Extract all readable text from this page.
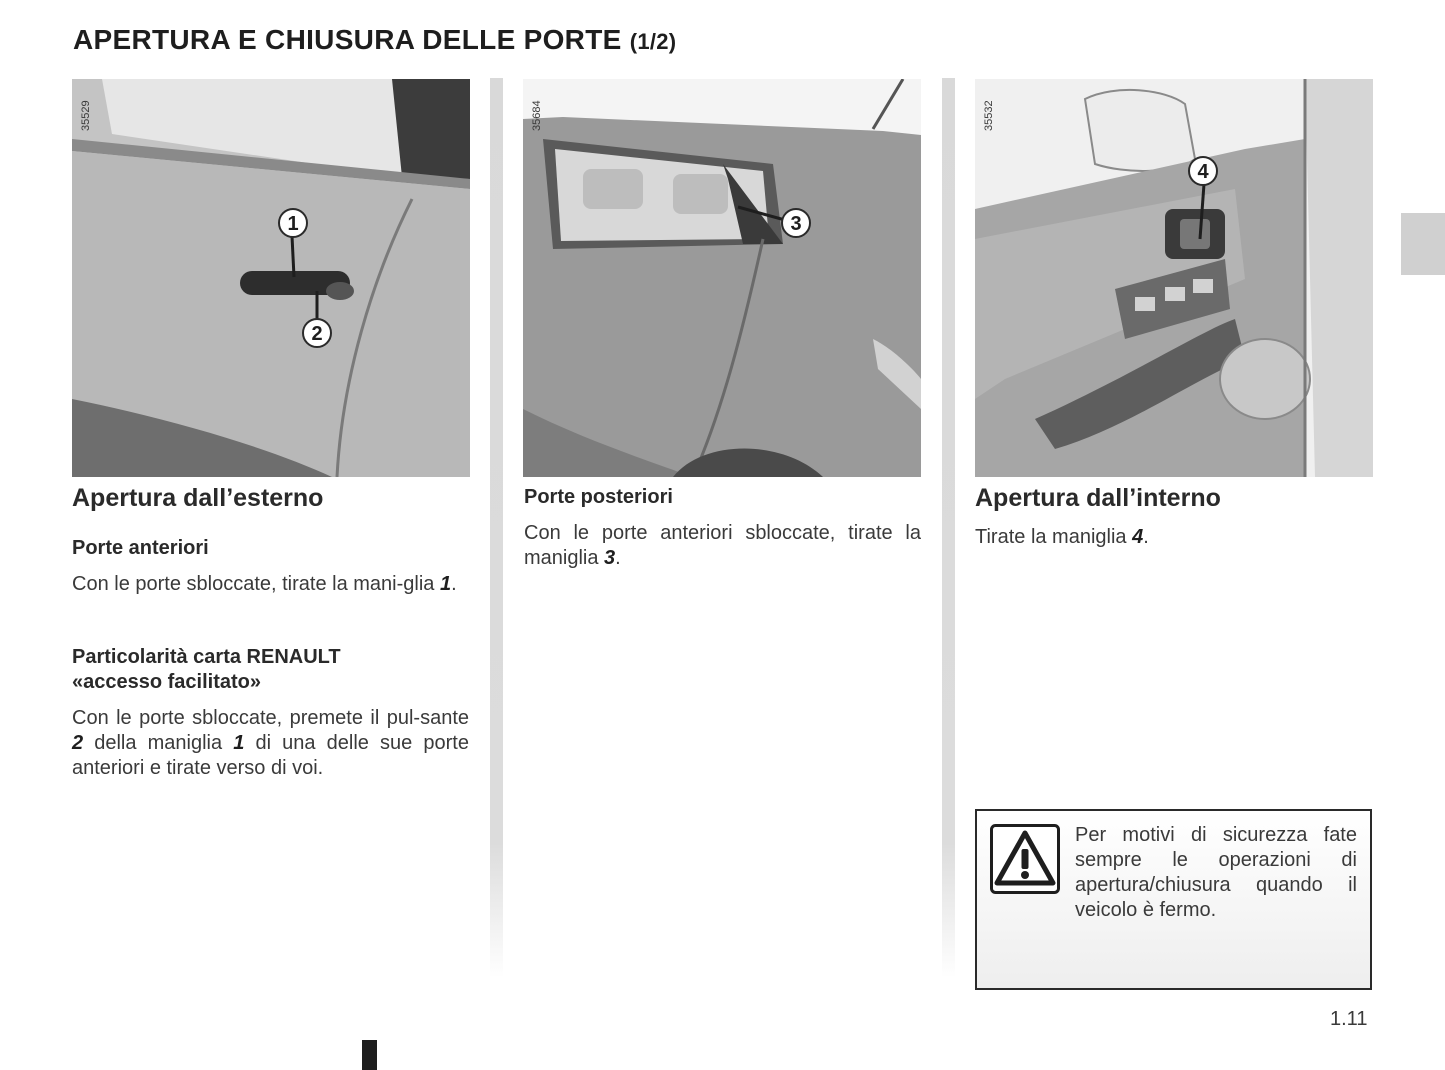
APERTURA E CHIUSURA DELLE PORTE (1/2)
1
2
35529
3
35684
4
35532
Apertura dall’esterno
Porte anteriori
Con le porte sbloccate, tirate la mani-glia 1.
Particolarità carta RENAULT
«accesso facilitato»
Con le porte sbloccate, premete il pul-sante 2 della maniglia 1 di una delle sue porte anteriori e tirate verso di voi.
Porte posteriori
Con le porte anteriori sbloccate, tirate la maniglia 3.
Apertura dall’interno
Tirate la maniglia 4.
Per motivi di sicurezza fate sempre le operazioni di apertura/chiusura quando il veicolo è fermo.
1.11
